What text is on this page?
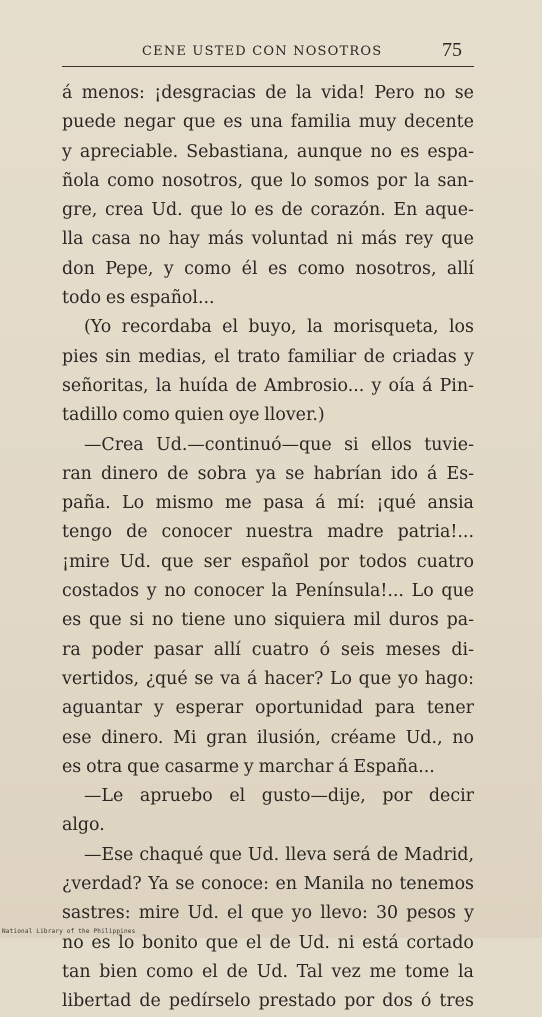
CENE USTED CON NOSOTROS	75
á menos: ¡desgracias de la vida! Pero no se
puede negar que es una familia muy decente
y apreciable. Sebastiana, aunque no es espa-
ñola como nosotros, que lo somos por la san-
gre, crea Ud. que lo es de corazón. En aque-
lla casa no hay más voluntad ni más rey que
don Pepe, y como él es como nosotros, allí
todo es español...
(Yo recordaba el buyo, la morisqueta, los
pies sin medias, el trato familiar de criadas y
señoritas, la huída de Ambrosio... y oía á Pin-
tadillo como quien oye llover.)
—Crea Ud.—continuó—que si ellos tuvie-
ran dinero de sobra ya se habrían ido á Es-
paña. Lo mismo me pasa á mí: ¡qué ansia
tengo de conocer nuestra madre patria!...
¡mire Ud. que ser español por todos cuatro
costados y no conocer la Península!... Lo que
es que si no tiene uno siquiera mil duros pa-
ra poder pasar allí cuatro ó seis meses di-
vertidos, ¿qué se va á hacer? Lo que yo hago:
aguantar y esperar oportunidad para tener
ese dinero. Mi gran ilusión, créame Ud., no
es otra que casarme y marchar á España...
—Le apruebo el gusto—dije, por decir
algo.
—Ese chaqué que Ud. lleva será de Madrid,
¿verdad? Ya se conoce: en Manila no tenemos
sastres: mire Ud. el que yo llevo: 30 pesos y
no es lo bonito que el de Ud. ni está cortado
tan bien como el de Ud. Tal vez me tome la
libertad de pedírselo prestado por dos ó tres
National Library of the Philippines
